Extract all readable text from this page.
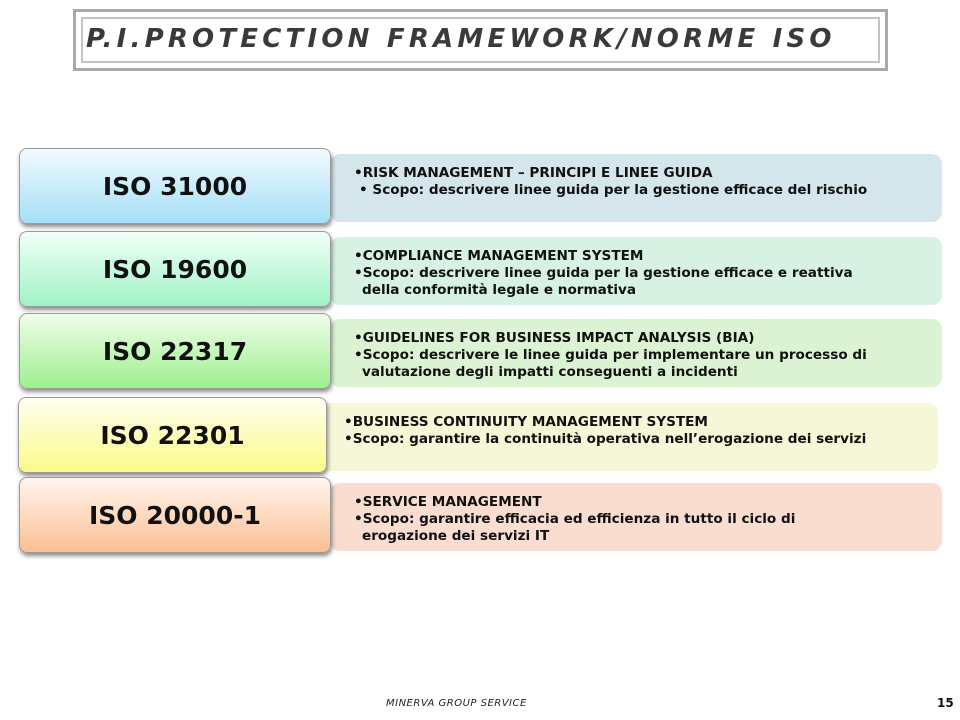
P.I.PROTECTION FRAMEWORK/NORME ISO

•RISK MANAGEMENT – PRINCIPI E LINEE GUIDA

• Scopo: descrivere linee guida per la gestione efficace del rischio

ISO 31000

•COMPLIANCE MANAGEMENT SYSTEM

•Scopo: descrivere linee guida per la gestione efficace e reattiva
della conformità legale e normativa

ISO 19600

•GUIDELINES FOR BUSINESS IMPACT ANALYSIS (BIA)

•Scopo: descrivere le linee guida per implementare un processo di
valutazione degli impatti conseguenti a incidenti

ISO 22317

•BUSINESS CONTINUITY MANAGEMENT SYSTEM

•Scopo: garantire la continuità operativa nell’erogazione dei servizi

ISO 22301

•SERVICE MANAGEMENT

•Scopo: garantire efficacia ed efficienza in tutto il ciclo di
erogazione dei servizi IT

ISO 20000-1
MINERVA GROUP SERVICE	15
